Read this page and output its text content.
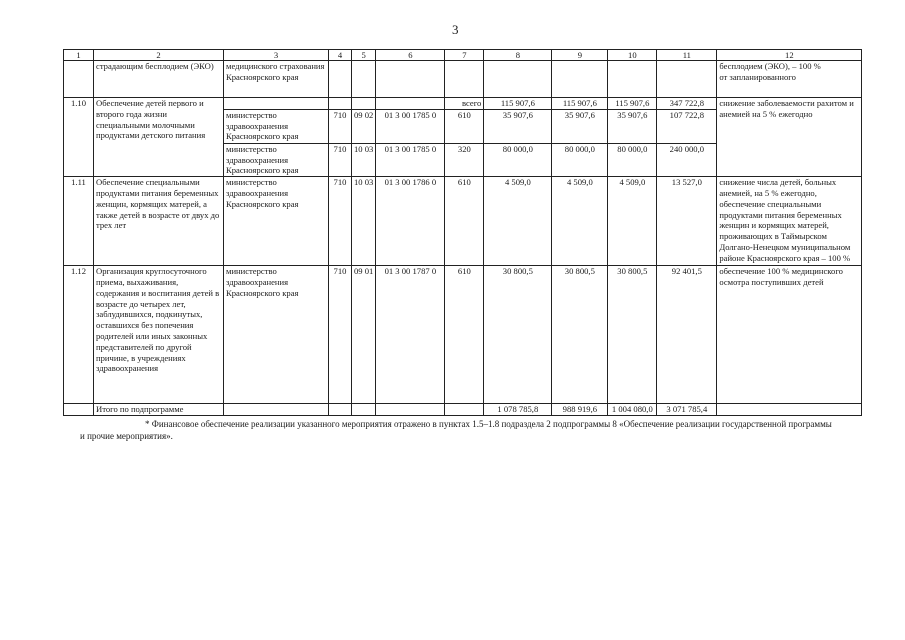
3
1	2	3	4	5	6	7	8	9	10	11	12
	страдающим бесплодием (ЭКО)	медицинского страхования Красноярского края									бесплодием (ЭКО), – 100 %
от запланированного

1.10	Обеспечение детей первого и второго года жизни специальными молочными продуктами детского питания					всего	115 907,6	115 907,6	115 907,6	347 722,8	снижение заболеваемости рахитом и анемией на 5 % ежегодно
		министерство здравоохранения Красноярского края	710	09 02	01 3 00 1785 0	610	35 907,6	35 907,6	35 907,6	107 722,8	
		министерство здравоохранения Красноярского края	710	10 03	01 3 00 1785 0	320	80 000,0	80 000,0	80 000,0	240 000,0	
1.11	Обеспечение специальными продуктами питания беременных женщин, кормящих матерей, а также детей в возрасте от двух до трех лет	министерство здравоохранения Красноярского края	710	10 03	01 3 00 1786 0	610	4 509,0	4 509,0	4 509,0	13 527,0	снижение числа детей, больных анемией, на 5 % ежегодно, обеспечение специальными продуктами питания беременных женщин и кормящих матерей, проживающих в Таймырском Долгано-Ненецком муниципальном районе Красноярского края – 100 %
1.12	Организация круглосуточного приема, выхаживания, содержания и воспитания детей в возрасте до четырех лет, заблудившихся, подкинутых, оставшихся без попечения родителей или иных законных представителей по другой причине, в учреждениях здравоохранения	министерство здравоохранения Красноярского края	710	09 01	01 3 00 1787 0	610	30 800,5	30 800,5	30 800,5	92 401,5	обеспечение 100 % медицинского осмотра поступивших детей
	Итого по подпрограмме						1 078 785,8	988 919,6	1 004 080,0	3 071 785,4	
* Финансовое обеспечение реализации указанного мероприятия отражено в пунктах 1.5–1.8 подраздела 2 подпрограммы 8 «Обеспечение реализации государственной программы
и прочие мероприятия».
